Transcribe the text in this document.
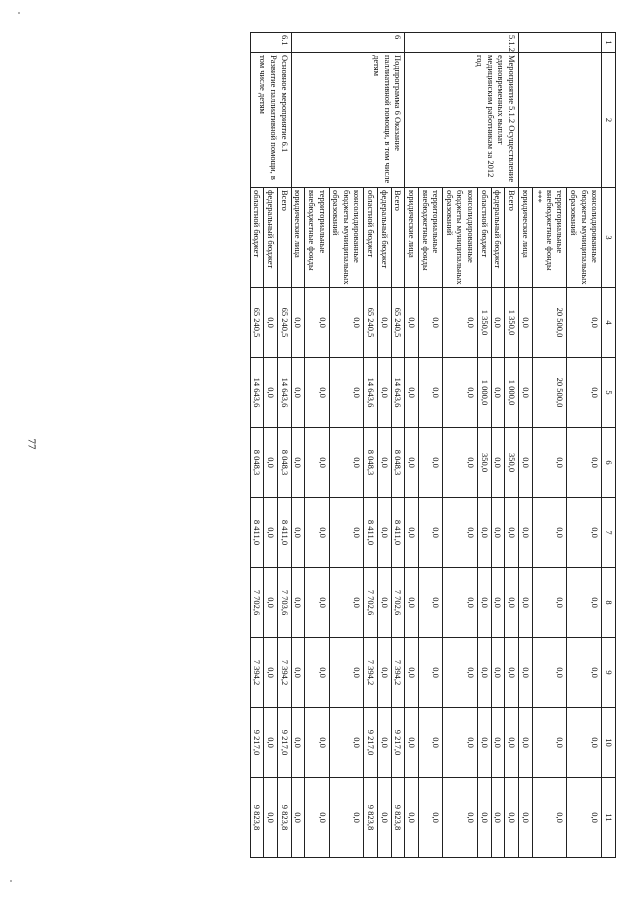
77
1	2	3	4	5	6	7	8	9	10	11
		консолидированные бюджеты муниципальных образований	0,0	0,0	0,0	0,0	0,0	0,0	0,0	0,0
		территориальные внебюджетные фонды ***	20 500,0	20 500,0	0,0	0,0	0,0	0,0	0,0	0,0
		юридические лица	0,0	0,0	0,0	0,0	0,0	0,0	0,0	0,0
5.1.2	Мероприятие 5.1.2 Осуществление единовременных выплат медицинским работникам за 2012 год	Всего	1 350,0	1 000,0	350,0	0,0	0,0	0,0	0,0	0,0
		федеральный бюджет	0,0	0,0	0,0	0,0	0,0	0,0	0,0	0,0
		областной бюджет	1 350,0	1 000,0	350,0	0,0	0,0	0,0	0,0	0,0
		консолидированные бюджеты муниципальных образований	0,0	0,0	0,0	0,0	0,0	0,0	0,0	0,0
		территориальные внебюджетные фонды	0,0	0,0	0,0	0,0	0,0	0,0	0,0	0,0
		юридические лица	0,0	0,0	0,0	0,0	0,0	0,0	0,0	0,0
6	Подпрограмма 6 Оказание паллиативной помощи, в том числе детям	Всего	65 240,5	14 643,6	8 048,3	8 411,0	7 702,6	7 394,2	9 217,0	9 823,8
		федеральный бюджет	0,0	0,0	0,0	0,0	0,0	0,0	0,0	0,0
		областной бюджет	65 240,5	14 643,6	8 048,3	8 411,0	7 702,6	7 394,2	9 217,0	9 823,8
		консолидированные бюджеты муниципальных образований	0,0	0,0	0,0	0,0	0,0	0,0	0,0	0,0
		территориальные внебюджетные фонды	0,0	0,0	0,0	0,0	0,0	0,0	0,0	0,0
		юридические лица	0,0	0,0	0,0	0,0	0,0	0,0	0,0	0,0
6.1	Основное мероприятие 6.1 Развитие паллиативной помощи, в том числе детям	Всего	65 240,5	14 643,6	8 048,3	8 411,0	7 703,6	7 394,2	9 217,0	9 823,8
		федеральный бюджет	0,0	0,0	0,0	0,0	0,0	0,0	0,0	0,0
		областной бюджет	65 240,5	14 643,6	8 048,3	8 411,0	7 702,6	7 394,2	9 217,0	9 823,8
